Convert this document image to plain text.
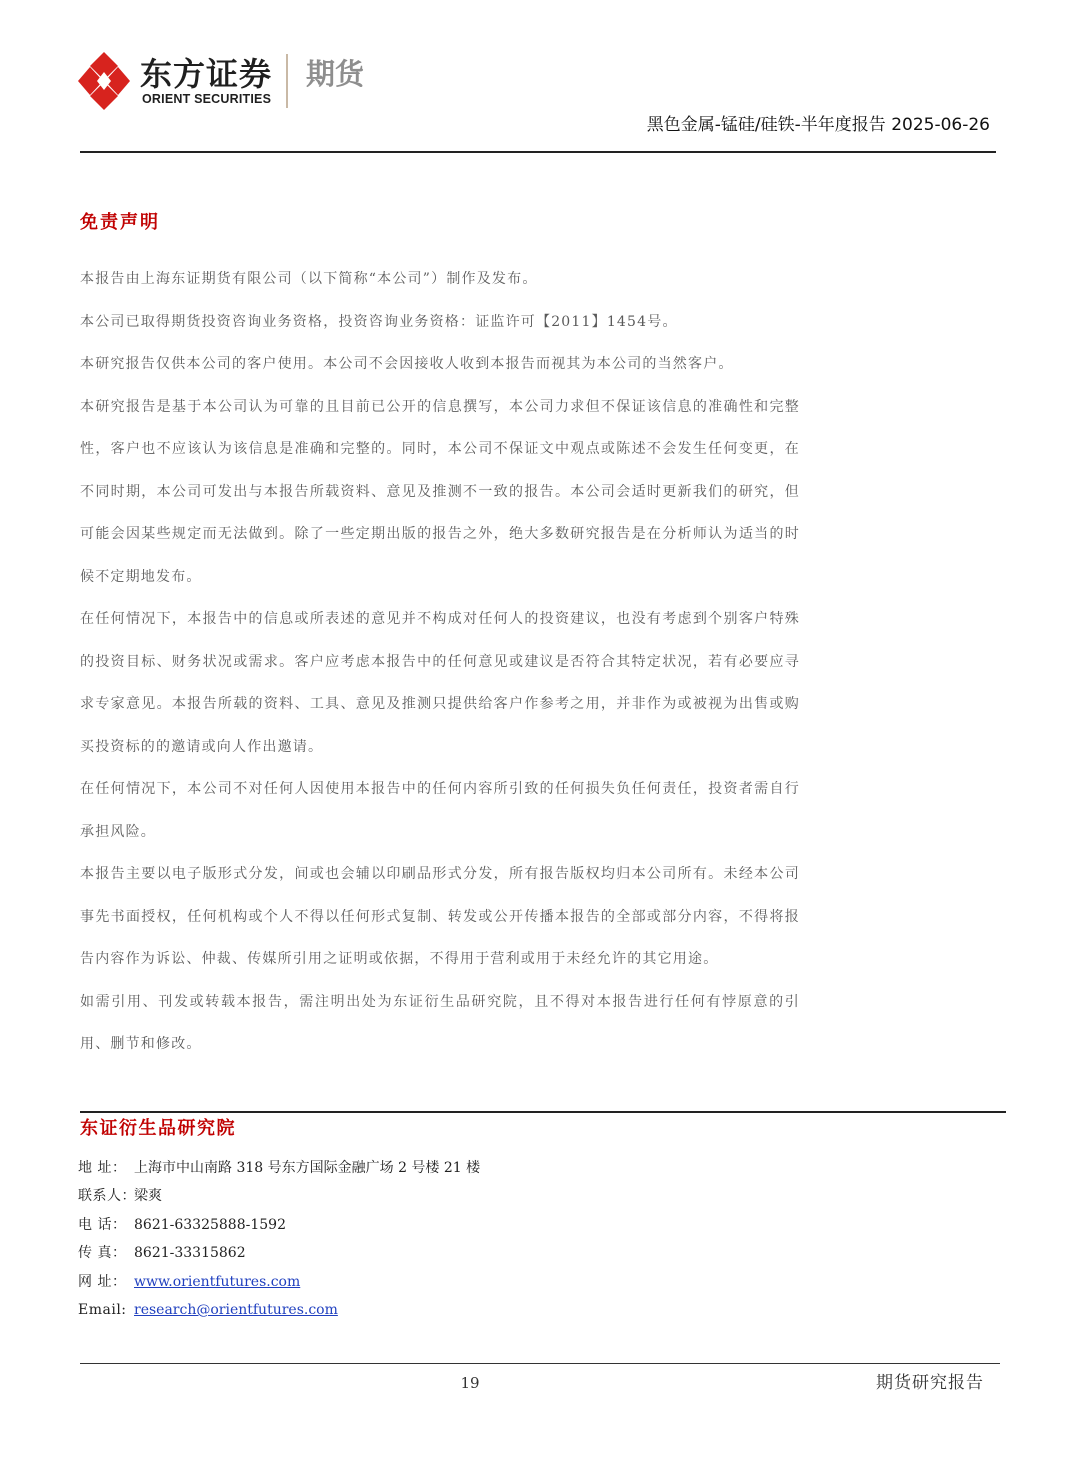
东方证券
ORIENT SECURITIES
期货
黑色金属-锰硅/硅铁-半年度报告 2025-06-26
免责声明

本报告由上海东证期货有限公司（以下简称“本公司”）制作及发布。

本公司已取得期货投资咨询业务资格，投资咨询业务资格：证监许可【2011】1454号。

本研究报告仅供本公司的客户使用。本公司不会因接收人收到本报告而视其为本公司的当然客户。

本研究报告是基于本公司认为可靠的且目前已公开的信息撰写，本公司力求但不保证该信息的准确性和完整性，客户也不应该认为该信息是准确和完整的。同时，本公司不保证文中观点或陈述不会发生任何变更，在不同时期，本公司可发出与本报告所载资料、意见及推测不一致的报告。本公司会适时更新我们的研究，但可能会因某些规定而无法做到。除了一些定期出版的报告之外，绝大多数研究报告是在分析师认为适当的时候不定期地发布。

在任何情况下，本报告中的信息或所表述的意见并不构成对任何人的投资建议，也没有考虑到个别客户特殊的投资目标、财务状况或需求。客户应考虑本报告中的任何意见或建议是否符合其特定状况，若有必要应寻求专家意见。本报告所载的资料、工具、意见及推测只提供给客户作参考之用，并非作为或被视为出售或购买投资标的的邀请或向人作出邀请。

在任何情况下，本公司不对任何人因使用本报告中的任何内容所引致的任何损失负任何责任，投资者需自行承担风险。

本报告主要以电子版形式分发，间或也会辅以印刷品形式分发，所有报告版权均归本公司所有。未经本公司事先书面授权，任何机构或个人不得以任何形式复制、转发或公开传播本报告的全部或部分内容，不得将报告内容作为诉讼、仲裁、传媒所引用之证明或依据，不得用于营利或用于未经允许的其它用途。

如需引用、刊发或转载本报告，需注明出处为东证衍生品研究院，且不得对本报告进行任何有悖原意的引用、删节和修改。

东证衍生品研究院
地 址： 上海市中山南路 318 号东方国际金融广场 2 号楼 21 楼
联系人：梁爽
电 话： 8621-63325888-1592
传 真： 8621-33315862
网 址： www.orientfutures.com
Email: research@orientfutures.com
19	期货研究报告
